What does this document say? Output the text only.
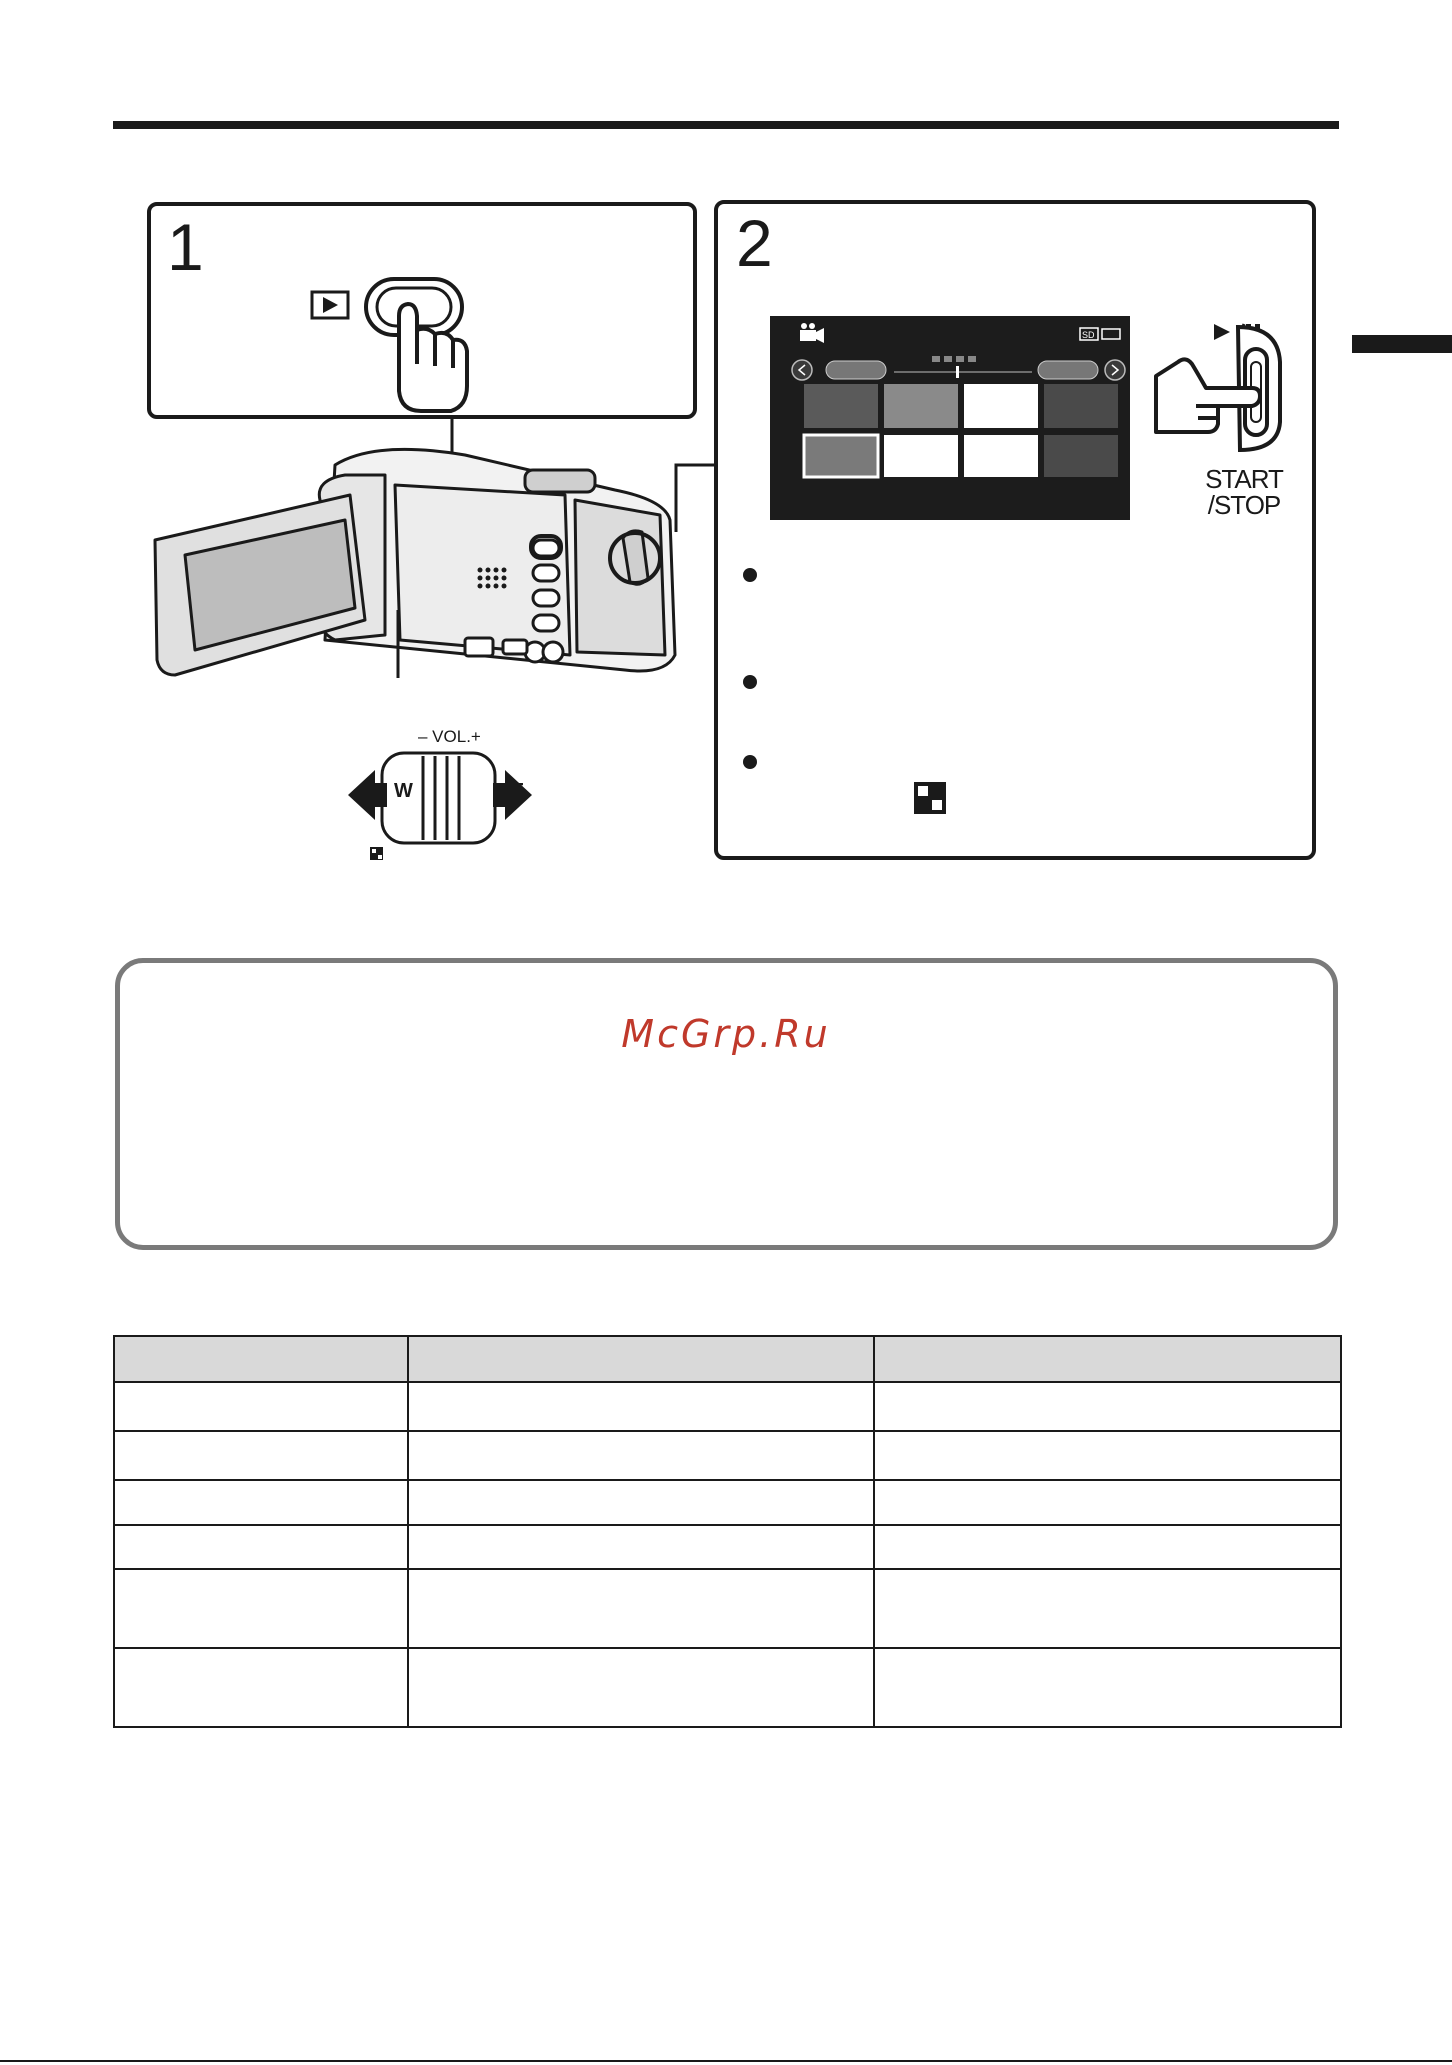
1
– VOL.+
W	T
2
SD
START
/STOP
McGrp.Ru
